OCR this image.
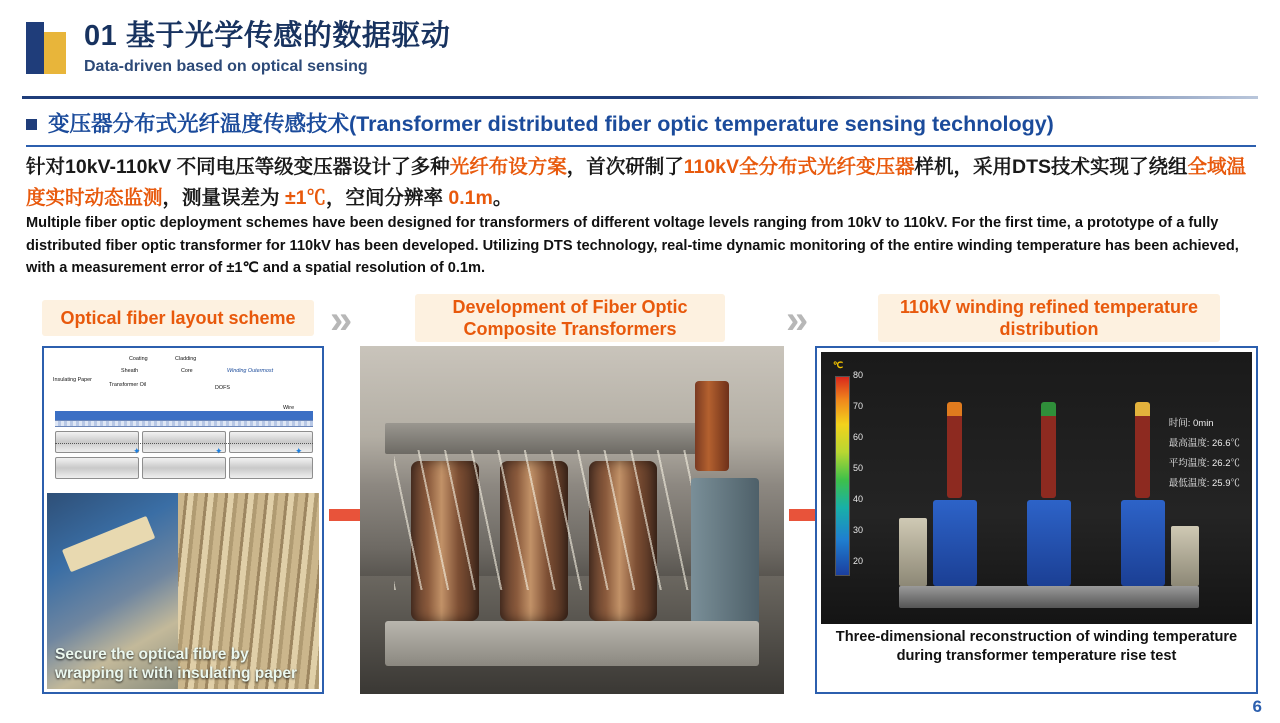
01 基于光学传感的数据驱动
Data-driven based on optical sensing
变压器分布式光纤温度传感技术(Transformer distributed fiber optic temperature sensing technology)
针对10kV-110kV 不同电压等级变压器设计了多种光纤布设方案，首次研制了110kV全分布式光纤变压器样机，采用DTS技术实现了绕组全域温度实时动态监测，测量误差为 ±1℃，空间分辨率 0.1m。
Multiple fiber optic deployment schemes have been designed for transformers of different voltage levels ranging from 10kV to 110kV. For the first time, a prototype of a fully distributed fiber optic transformer for 110kV has been developed. Utilizing DTS technology, real-time dynamic monitoring of the entire winding temperature has been achieved, with a measurement error of ±1℃ and a spatial resolution of 0.1m.
Optical fiber layout scheme »	Development of Fiber Optic Composite Transformers	»	110kV winding refined temperature distribution
Insulating Paper
Coating	Cladding
Sheath	Core
Transformer Oil
Winding Outermost
DOFS
Wire
✦	✦	✦
Secure the optical fibre by wrapping it with insulating paper
℃
80
70
60
50
40
30
20
时间: 0min
最高温度: 26.6℃
平均温度: 26.2℃
最低温度: 25.9℃
Three-dimensional reconstruction of winding temperature during transformer temperature rise test
6
